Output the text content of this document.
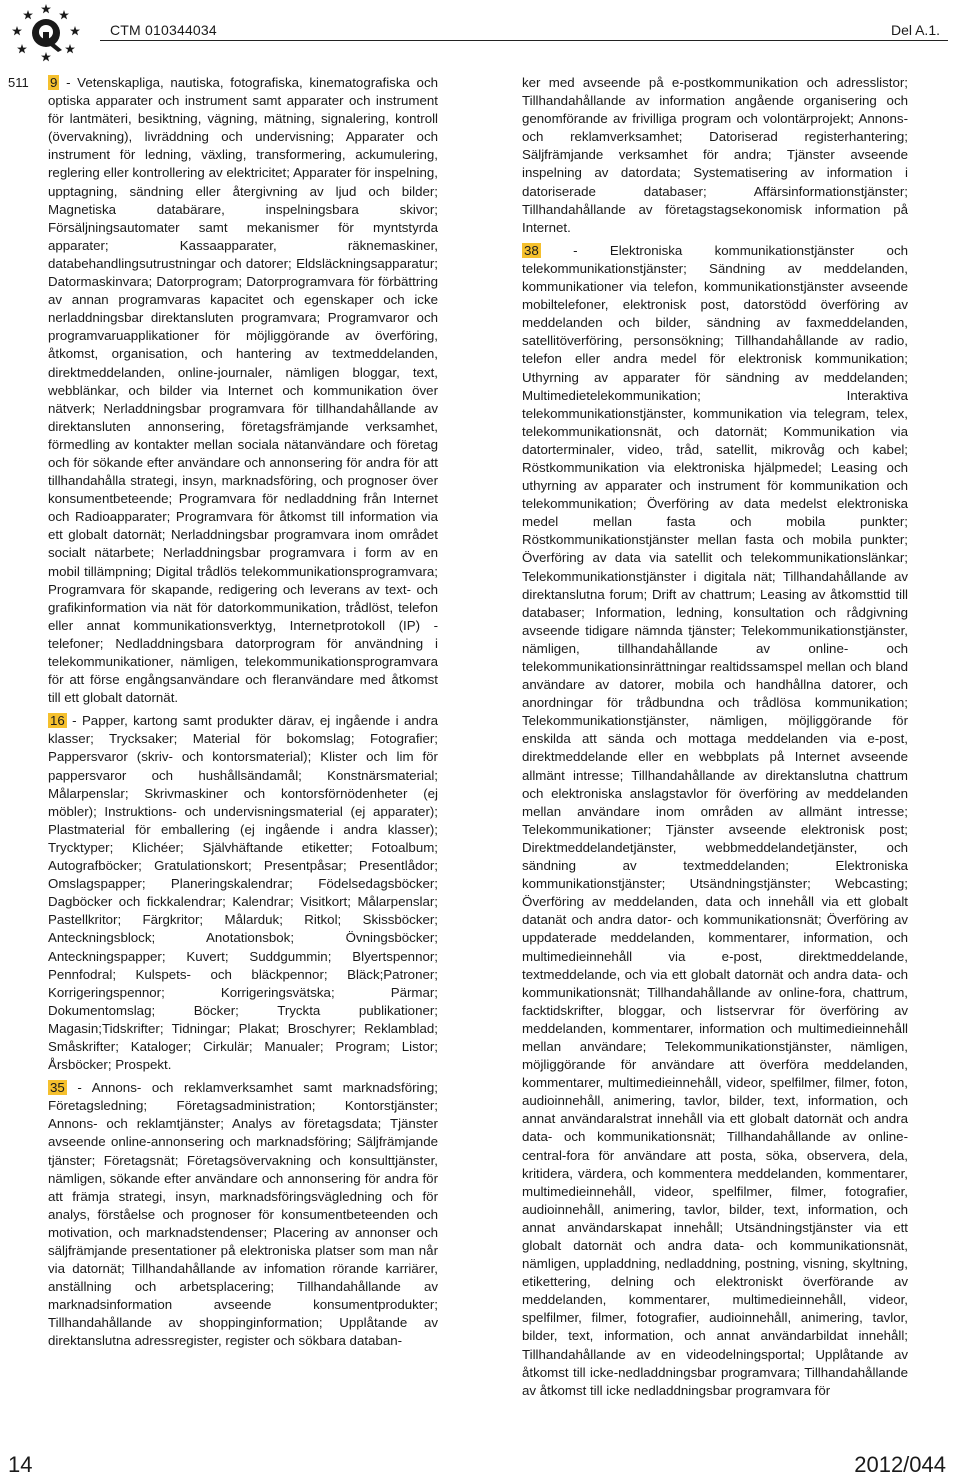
CTM 010344034	Del A.1.
511 9 - Vetenskapliga, nautiska, fotografiska, kinematografiska och optiska apparater och instrument samt apparater och instrument för lantmäteri, besiktning, vägning, mätning, signalering, kontroll (övervakning), livräddning och undervisning; Apparater och instrument för ledning, växling, transformering, ackumulering, reglering eller kontrollering av elektricitet; Apparater för inspelning, upptagning, sändning eller återgivning av ljud och bilder; Magnetiska databärare, inspelningsbara skivor; Försäljningsautomater samt mekanismer för myntstyrda apparater; Kassaapparater, räknemaskiner, databehandlingsutrustningar och datorer; Eldsläckningsapparatur; Datormaskinvara; Datorprogram; Datorprogramvara för förbättring av annan programvaras kapacitet och egenskaper och icke nerladdningsbar direktansluten programvara; Programvaror och programvaruapplikationer för möjliggörande av överföring, åtkomst, organisation, och hantering av textmeddelanden, direktmeddelanden, online-journaler, nämligen bloggar, text, webblänkar, och bilder via Internet och kommunikation över nätverk; Nerladdningsbar programvara för tillhandahållande av direktansluten annonsering, företagsfrämjande verksamhet, förmedling av kontakter mellan sociala nätanvändare och företag och för sökande efter användare och annonsering för andra för att tillhandahålla strategi, insyn, marknadsföring, och prognoser över konsumentbeteende; Programvara för nedladdning från Internet och Radioapparater; Programvara för åtkomst till information via ett globalt datornät; Nerladdningsbar programvara inom området socialt nätarbete; Nerladdningsbar programvara i form av en mobil tillämpning; Digital trådlös telekommunikationsprogramvara; Programvara för skapande, redigering och leverans av text- och grafikinformation via nät för datorkommunikation, trådlöst, telefon eller annat kommunikationsverktyg, Internetprotokoll (IP) -telefoner; Nedladdningsbara datorprogram för användning i telekommunikationer, nämligen, telekommunikationsprogramvara för att förse engångsanvändare och fleranvändare med åtkomst till ett globalt datornät.

16 - Papper, kartong samt produkter därav, ej ingående i andra klasser; Trycksaker; Material för bokomslag; Fotografier; Pappersvaror (skriv- och kontorsmaterial); Klister och lim för pappersvaror och hushållsändamål; Konstnärsmaterial; Målarpenslar; Skrivmaskiner och kontorsförnödenheter (ej möbler); Instruktions- och undervisningsmaterial (ej apparater); Plastmaterial för emballering (ej ingående i andra klasser); Trycktyper; Klichéer; Självhäftande etiketter; Fotoalbum; Autografböcker; Gratulationskort; Presentpåsar; Presentlådor; Omslagspapper; Planeringskalendrar; Födelsedagsböcker; Dagböcker och fickkalendrar; Kalendrar; Visitkort; Målarpenslar; Pastellkritor; Färgkritor; Målarduk; Ritkol; Skissböcker; Anteckningsblock; Anotationsbok; Övningsböcker; Anteckningspapper; Kuvert; Suddgummin; Blyertspennor; Pennfodral; Kulspets- och bläckpennor; Bläck;Patroner; Korrigeringspennor; Korrigeringsvätska; Pärmar; Dokumentomslag; Böcker; Tryckta publikationer; Magasin;Tidskrifter; Tidningar; Plakat; Broschyrer; Reklamblad; Småskrifter; Kataloger; Cirkulär; Manualer; Program; Listor; Årsböcker; Prospekt.

35 - Annons- och reklamverksamhet samt marknadsföring; Företagsledning; Företagsadministration; Kontorstjänster; Annons- och reklamtjänster; Analys av företagsdata; Tjänster avseende online-annonsering och marknadsföring; Säljfrämjande tjänster; Företagsnät; Företagsövervakning och konsulttjänster, nämligen, sökande efter användare och annonsering för andra för att främja strategi, insyn, marknadsföringsvägledning och för analys, förståelse och prognoser för konsumentbeteenden och motivation, och marknadstendenser; Placering av annonser och säljfrämjande presentationer på elektroniska platser som man når via datornät; Tillhandahållande av infomation rörande karriärer, anställning och arbetsplacering; Tillhandahållande av marknadsinformation avseende konsumentprodukter; Tillhandahållande av shoppinginformation; Upplåtande av direktanslutna adressregister, register och sökbara databan-

ker med avseende på e-postkommunikation och adresslistor; Tillhandahållande av information angående organisering och genomförande av frivilliga program och volontärprojekt; Annons- och reklamverksamhet; Datoriserad registerhantering; Säljfrämjande verksamhet för andra; Tjänster avseende inspelning av datordata; Systematisering av information i datoriserade databaser; Affärsinformationstjänster; Tillhandahållande av företagstagsekonomisk information på Internet.

38 - Elektroniska kommunikationstjänster och telekommunikationstjänster; Sändning av meddelanden, kommunikationer via telefon, kommunikationstjänster avseende mobiltelefoner, elektronisk post, datorstödd överföring av meddelanden och bilder, sändning av faxmeddelanden, satellitöverföring, personsökning; Tillhandahållande av radio, telefon eller andra medel för elektronisk kommunikation; Uthyrning av apparater för sändning av meddelanden; Multimedietelekommunikation; Interaktiva telekommunikationstjänster, kommunikation via telegram, telex, telekommunikationsnät, och datornät; Kommunikation via datorterminaler, video, tråd, satellit, mikrovåg och kabel; Röstkommunikation via elektroniska hjälpmedel; Leasing och uthyrning av apparater och instrument för kommunikation och telekommunikation; Överföring av data medelst elektroniska medel mellan fasta och mobila punkter; Röstkommunikationstjänster mellan fasta och mobila punkter; Överföring av data via satellit och telekommunikationslänkar; Telekommunikationstjänster i digitala nät; Tillhandahållande av direktanslutna forum; Drift av chattrum; Leasing av åtkomsttid till databaser; Information, ledning, konsultation och rådgivning avseende tidigare nämnda tjänster; Telekommunikationstjänster, nämligen, tillhandahållande av online- och telekommunikationsinrättningar realtidssamspel mellan och bland användare av datorer, mobila och handhållna datorer, och anordningar för trådbundna och trådlösa kommunikation; Telekommunikationstjänster, nämligen, möjliggörande för enskilda att sända och mottaga meddelanden via e-post, direktmeddelande eller en webbplats på Internet avseende allmänt intresse; Tillhandahållande av direktanslutna chattrum och elektroniska anslagstavlor för överföring av meddelanden mellan användare inom områden av allmänt intresse; Telekommunikationer; Tjänster avseende elektronisk post; Direktmeddelandetjänster, webbmeddelandetjänster, och sändning av textmeddelanden; Elektroniska kommunikationstjänster; Utsändningstjänster; Webcasting; Överföring av meddelanden, data och innehåll via ett globalt datanät och andra dator- och kommunikationsnät; Överföring av uppdaterade meddelanden, kommentarer, information, och multimedieinnehåll via e-post, direktmeddelande, textmeddelande, och via ett globalt datornät och andra data- och kommunikationsnät; Tillhandahållande av online-fora, chattrum, facktidskrifter, bloggar, och listservrar för överföring av meddelanden, kommentarer, information och multimedieinnehåll mellan användare; Telekommunikationstjänster, nämligen, möjliggörande för användare att överföra meddelanden, kommentarer, multimedieinnehåll, videor, spelfilmer, filmer, foton, audioinnehåll, animering, tavlor, bilder, text, information, och annat användaralstrat innehåll via ett globalt datornät och andra data- och kommunikationsnät; Tillhandahållande av online-central-fora för användare att posta, söka, observera, dela, kritidera, värdera, och kommentera meddelanden, kommentarer, multimedieinnehåll, videor, spelfilmer, filmer, fotografier, audioinnehåll, animering, tavlor, bilder, text, information, och annat användarskapat innehåll; Utsändningstjänster via ett globalt datornät och andra data- och kommunikationsnät, nämligen, uppladdning, nedladdning, postning, visning, skyltning, etikettering, delning och elektroniskt överförande av meddelanden, kommentarer, multimedieinnehåll, videor, spelfilmer, filmer, fotografier, audioinnehåll, animering, tavlor, bilder, text, information, och annat användarbildat innehåll; Tillhandahållande av en videodelningsportal; Upplåtande av åtkomst till icke-nedladdningsbar programvara; Tillhandahållande av åtkomst till icke nedladdningsbar programvara för

14	2012/044
